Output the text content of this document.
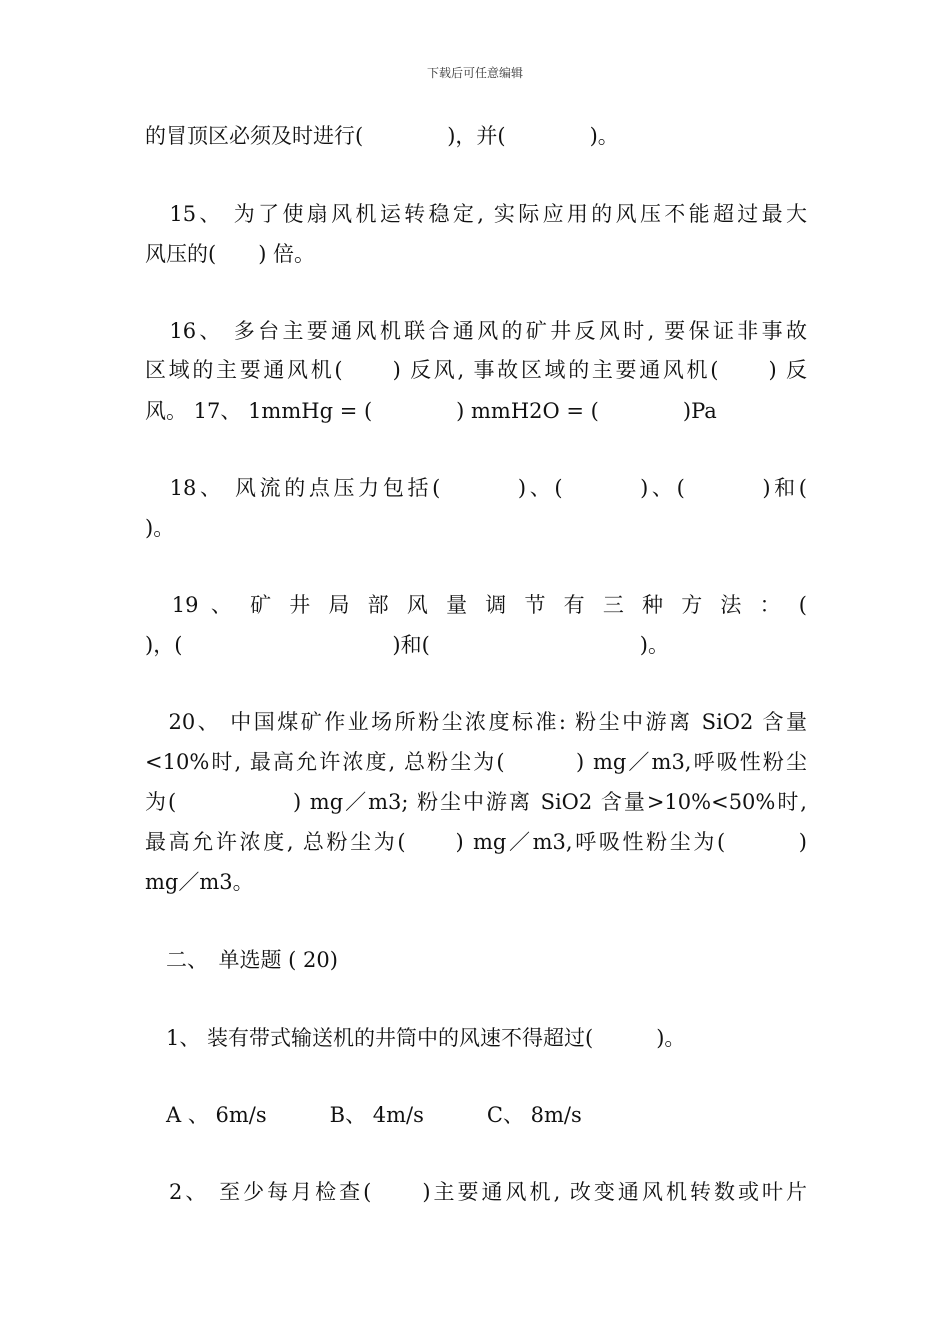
下载后可任意编辑
的冒顶区必须及时进行(　　　　)，并(　　　　)。
　15、 为了使扇风机运转稳定, 实际应用的风压不能超过最大
风压的(　　) 倍。
　16、 多台主要通风机联合通风的矿井反风时, 要保证非事故
区域的主要通风机(　　) 反风, 事故区域的主要通风机(　　) 反
风。 17、 1mmHg = (　　　　) mmH2O = (　　　　)Pa
　18、 风流的点压力包括(　　　)、(　　　)、(　　　)和(
)。
　19 、 矿 井 局 部 风 量 调 节 有 三 种 方 法 ： (
)，(　　　　　　　　　　)和(　　　　　　　　　　)。
　20、 中国煤矿作业场所粉尘浓度标准: 粉尘中游离 SiO2 含量
<10%时, 最高允许浓度, 总粉尘为(　　　) mg／m3,呼吸性粉尘
为(　　　　　) mg／m3; 粉尘中游离 SiO2 含量>10%<50%时,
最高允许浓度, 总粉尘为(　　) mg／m3,呼吸性粉尘为(　　　)
mg／m3。
　二、　单选题 ( 20)
　1、 装有带式输送机的井筒中的风速不得超过(　　　)。
　A 、 6m/s　　　B、 4m/s　　　C、 8m/s
　2、 至少每月检查(　　)主要通风机, 改变通风机转数或叶片
